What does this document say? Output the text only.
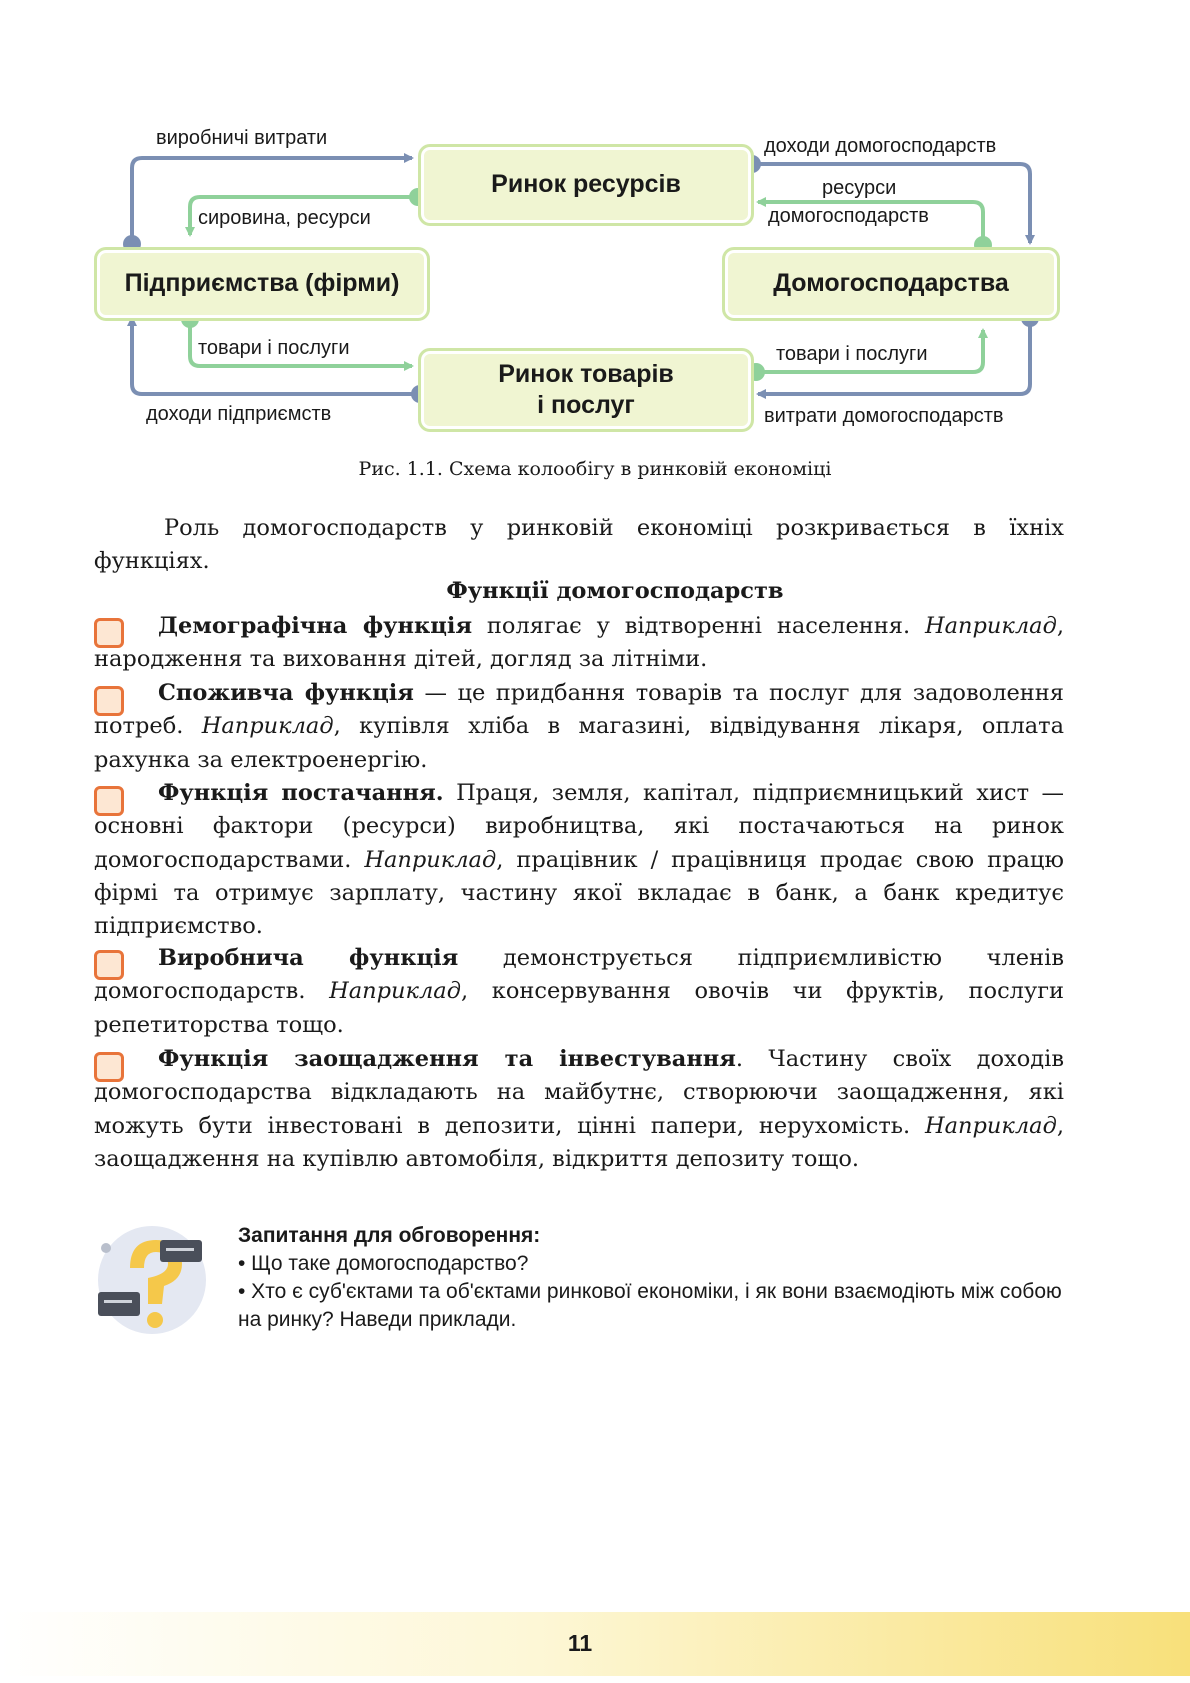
Ринок ресурсів
Підприємства (фірми)	Домогосподарства
Ринок товарів
і послуг
виробничі витрати
сировина, ресурси
доходи домогосподарств
ресурси
домогосподарств
товари і послуги
доходи підприємств
товари і послуги
витрати домогосподарств
Рис. 1.1. Схема колообігу в ринковій економіці
Роль домогосподарств у ринковій економіці розкривається в їхніх функціях.
Функції домогосподарств
Демографічна функція полягає у відтворенні населення. Наприклад, народження та виховання дітей, догляд за літніми.
Споживча функція — це придбання товарів та послуг для задоволення потреб. Наприклад, купівля хліба в магазині, відвідування лікаря, оплата рахунка за електроенергію.
Функція постачання. Праця, земля, капітал, підприємницький хист — основні фактори (ресурси) виробництва, які постачаються на ринок домогосподарствами. Наприклад, працівник / працівниця продає свою працю фірмі та отримує зарплату, частину якої вкладає в банк, а банк кредитує підприємство.
Виробнича функція демонструється підприємливістю членів домогосподарств. Наприклад, консервування овочів чи фруктів, послуги репетиторства тощо.
Функція заощадження та інвестування. Частину своїх доходів домогосподарства відкладають на майбутнє, створюючи заощадження, які можуть бути інвестовані в депозити, цінні папери, нерухомість. Наприклад, заощадження на купівлю автомобіля, відкриття депозиту тощо.
Запитання для обговорення:
• Що таке домогосподарство?
• Хто є суб'єктами та об'єктами ринкової економіки, і як вони взаємодіють між собою на ринку? Наведи приклади.
11
